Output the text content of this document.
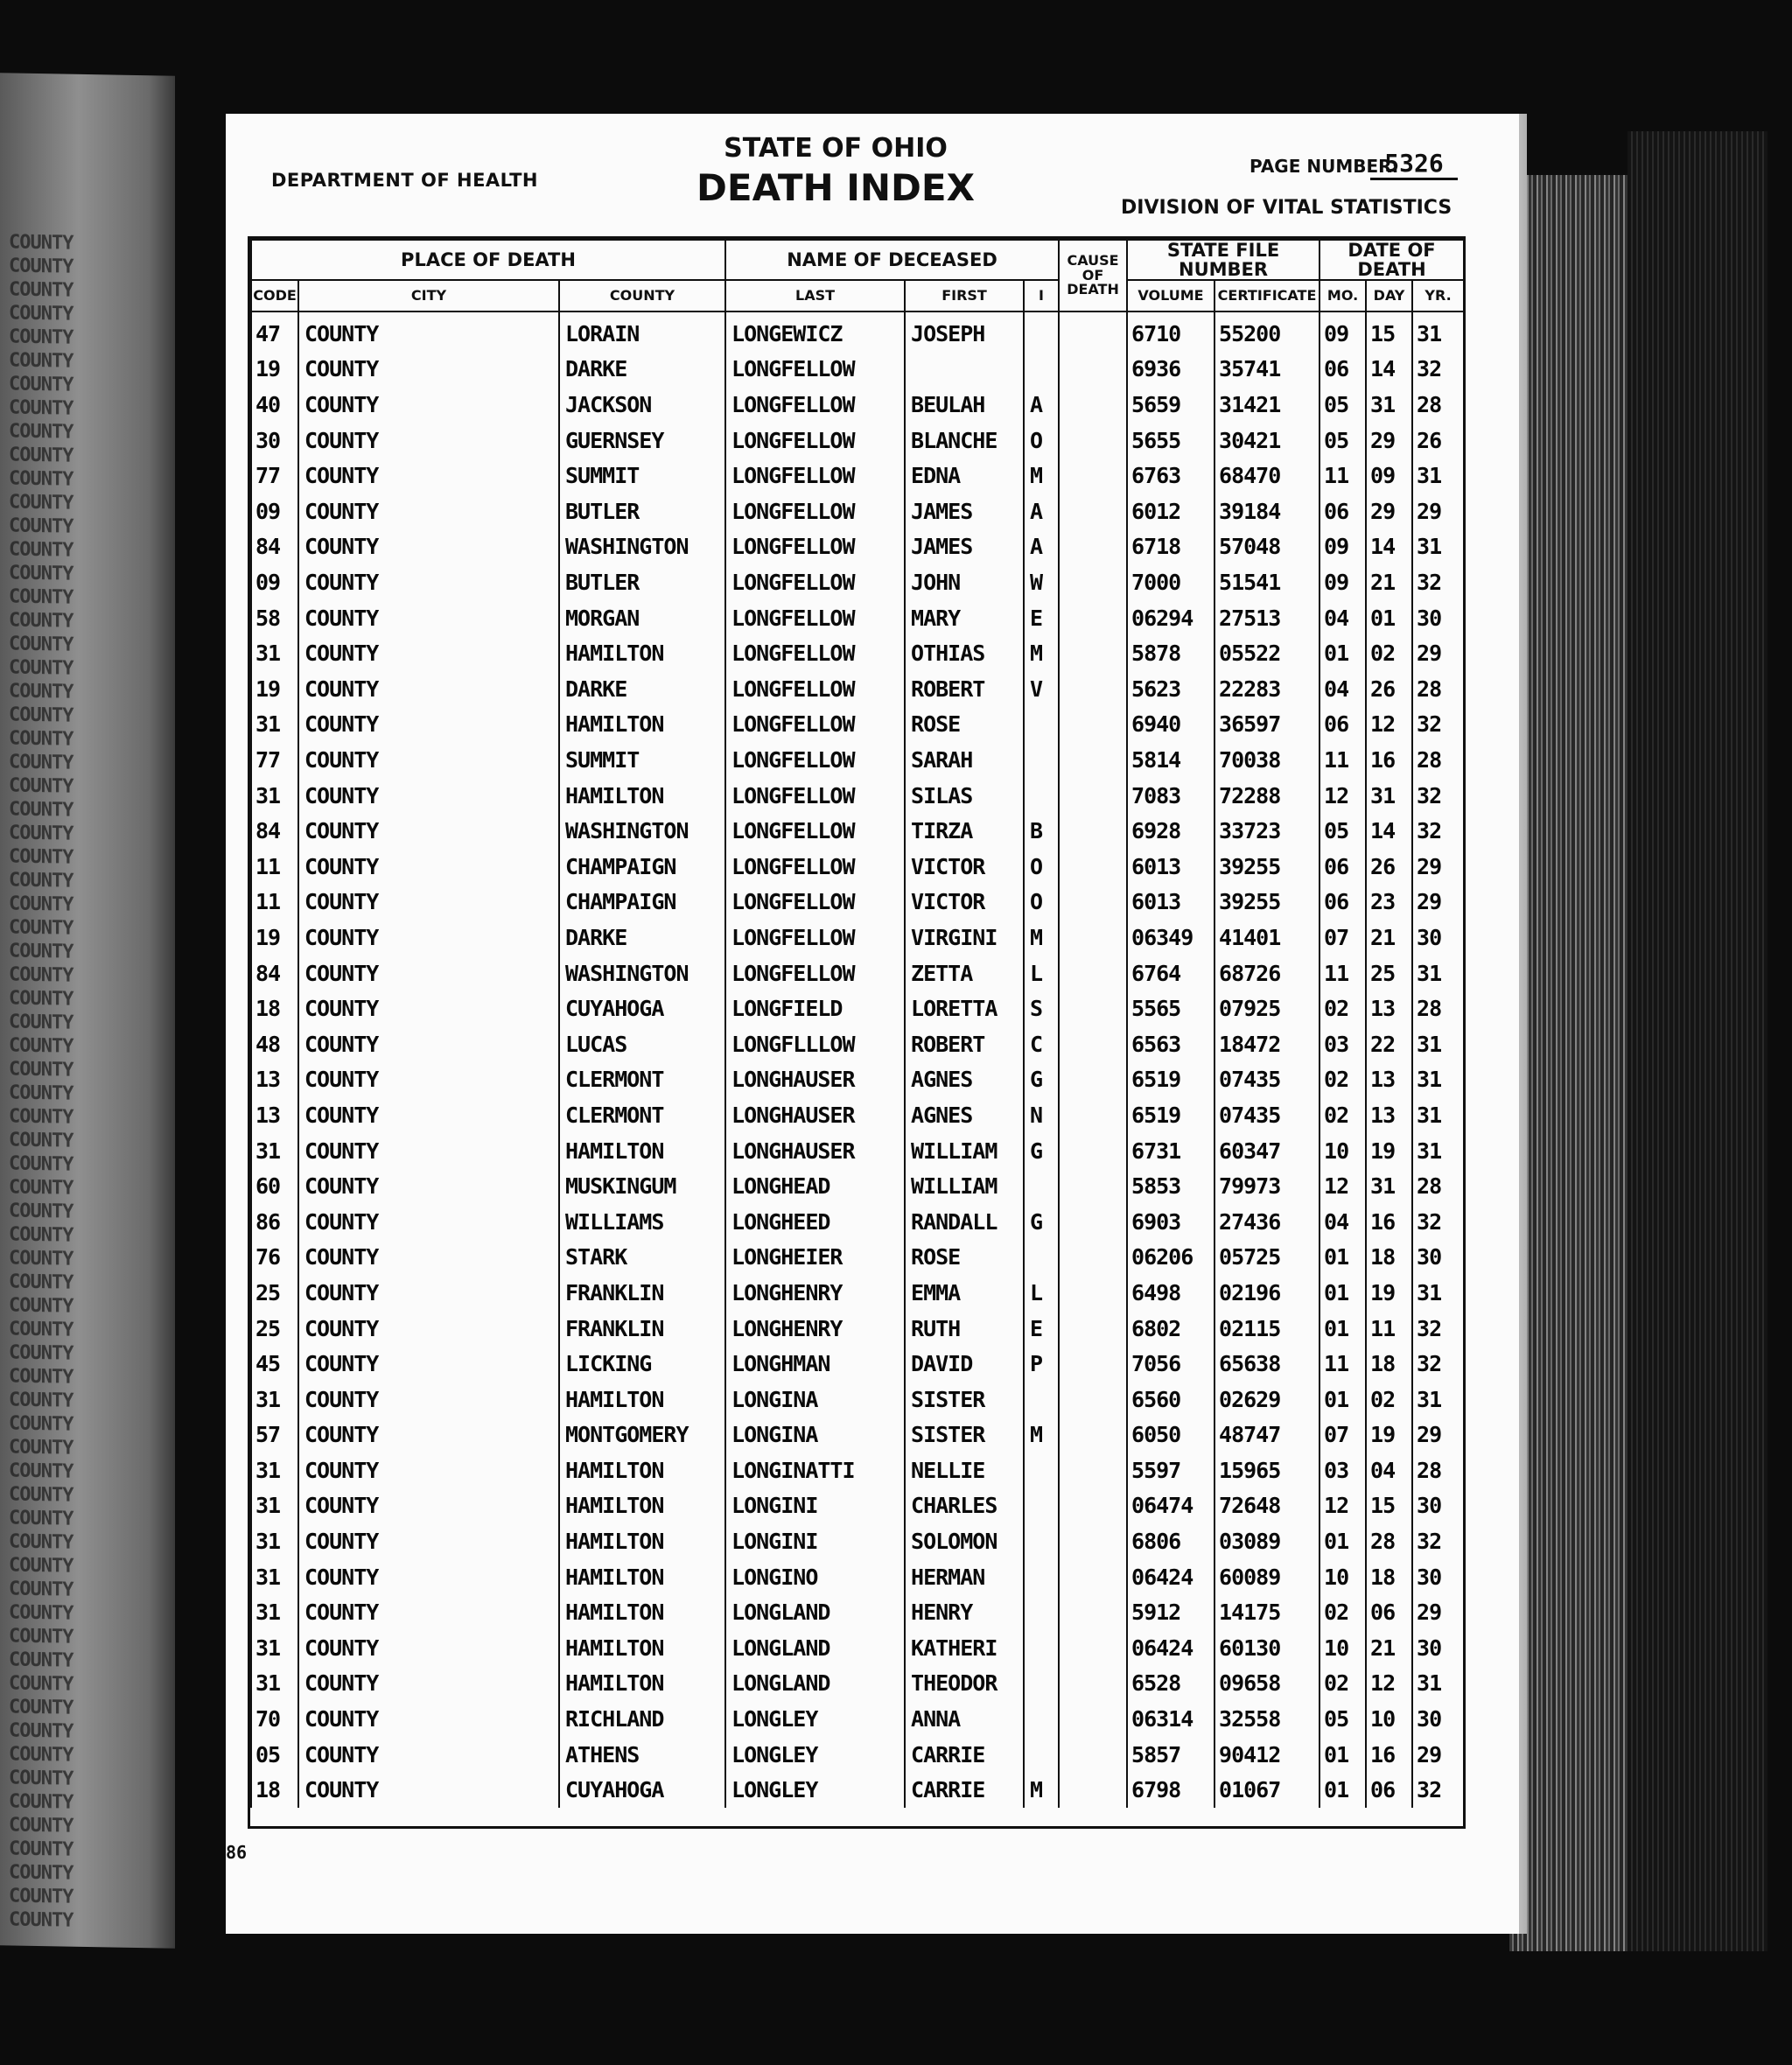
COUNTY
COUNTY
COUNTY
COUNTY
COUNTY
COUNTY
COUNTY
COUNTY
COUNTY
COUNTY
COUNTY
COUNTY
COUNTY
COUNTY
COUNTY
COUNTY
COUNTY
COUNTY
COUNTY
COUNTY
COUNTY
COUNTY
COUNTY
COUNTY
COUNTY
COUNTY
COUNTY
COUNTY
COUNTY
COUNTY
COUNTY
COUNTY
COUNTY
COUNTY
COUNTY
COUNTY
COUNTY
COUNTY
COUNTY
COUNTY
COUNTY
COUNTY
COUNTY
COUNTY
COUNTY
COUNTY
COUNTY
COUNTY
COUNTY
COUNTY
COUNTY
COUNTY
COUNTY
COUNTY
COUNTY
COUNTY
COUNTY
COUNTY
COUNTY
COUNTY
COUNTY
COUNTY
COUNTY
COUNTY
COUNTY
COUNTY
COUNTY
COUNTY
COUNTY
COUNTY
COUNTY
COUNTY
DEPARTMENT OF HEALTH
STATE OF OHIO
DEATH INDEX	PAGE NUMBER:
5326
DIVISION OF VITAL STATISTICS
PLACE OF DEATH			NAME OF DECEASED			CAUSE OF DEATH	STATE FILE NUMBER		DATE OF DEATH		
CODE	CITY	COUNTY	LAST	FIRST	I		VOLUME	CERTIFICATE	MO.	DAY	YR.
47	COUNTY	LORAIN	LONGEWICZ	JOSEPH			6710	55200	09	15	31
19	COUNTY	DARKE	LONGFELLOW				6936	35741	06	14	32
40	COUNTY	JACKSON	LONGFELLOW	BEULAH	A		5659	31421	05	31	28
30	COUNTY	GUERNSEY	LONGFELLOW	BLANCHE	O		5655	30421	05	29	26
77	COUNTY	SUMMIT	LONGFELLOW	EDNA	M		6763	68470	11	09	31
09	COUNTY	BUTLER	LONGFELLOW	JAMES	A		6012	39184	06	29	29
84	COUNTY	WASHINGTON	LONGFELLOW	JAMES	A		6718	57048	09	14	31
09	COUNTY	BUTLER	LONGFELLOW	JOHN	W		7000	51541	09	21	32
58	COUNTY	MORGAN	LONGFELLOW	MARY	E		06294	27513	04	01	30
31	COUNTY	HAMILTON	LONGFELLOW	OTHIAS	M		5878	05522	01	02	29
19	COUNTY	DARKE	LONGFELLOW	ROBERT	V		5623	22283	04	26	28
31	COUNTY	HAMILTON	LONGFELLOW	ROSE			6940	36597	06	12	32
77	COUNTY	SUMMIT	LONGFELLOW	SARAH			5814	70038	11	16	28
31	COUNTY	HAMILTON	LONGFELLOW	SILAS			7083	72288	12	31	32
84	COUNTY	WASHINGTON	LONGFELLOW	TIRZA	B		6928	33723	05	14	32
11	COUNTY	CHAMPAIGN	LONGFELLOW	VICTOR	O		6013	39255	06	26	29
11	COUNTY	CHAMPAIGN	LONGFELLOW	VICTOR	O		6013	39255	06	23	29
19	COUNTY	DARKE	LONGFELLOW	VIRGINI	M		06349	41401	07	21	30
84	COUNTY	WASHINGTON	LONGFELLOW	ZETTA	L		6764	68726	11	25	31
18	COUNTY	CUYAHOGA	LONGFIELD	LORETTA	S		5565	07925	02	13	28
48	COUNTY	LUCAS	LONGFLLLOW	ROBERT	C		6563	18472	03	22	31
13	COUNTY	CLERMONT	LONGHAUSER	AGNES	G		6519	07435	02	13	31
13	COUNTY	CLERMONT	LONGHAUSER	AGNES	N		6519	07435	02	13	31
31	COUNTY	HAMILTON	LONGHAUSER	WILLIAM	G		6731	60347	10	19	31
60	COUNTY	MUSKINGUM	LONGHEAD	WILLIAM			5853	79973	12	31	28
86	COUNTY	WILLIAMS	LONGHEED	RANDALL	G		6903	27436	04	16	32
76	COUNTY	STARK	LONGHEIER	ROSE			06206	05725	01	18	30
25	COUNTY	FRANKLIN	LONGHENRY	EMMA	L		6498	02196	01	19	31
25	COUNTY	FRANKLIN	LONGHENRY	RUTH	E		6802	02115	01	11	32
45	COUNTY	LICKING	LONGHMAN	DAVID	P		7056	65638	11	18	32
31	COUNTY	HAMILTON	LONGINA	SISTER			6560	02629	01	02	31
57	COUNTY	MONTGOMERY	LONGINA	SISTER	M		6050	48747	07	19	29
31	COUNTY	HAMILTON	LONGINATTI	NELLIE			5597	15965	03	04	28
31	COUNTY	HAMILTON	LONGINI	CHARLES			06474	72648	12	15	30
31	COUNTY	HAMILTON	LONGINI	SOLOMON			6806	03089	01	28	32
31	COUNTY	HAMILTON	LONGINO	HERMAN			06424	60089	10	18	30
31	COUNTY	HAMILTON	LONGLAND	HENRY			5912	14175	02	06	29
31	COUNTY	HAMILTON	LONGLAND	KATHERI			06424	60130	10	21	30
31	COUNTY	HAMILTON	LONGLAND	THEODOR			6528	09658	02	12	31
70	COUNTY	RICHLAND	LONGLEY	ANNA			06314	32558	05	10	30
05	COUNTY	ATHENS	LONGLEY	CARRIE			5857	90412	01	16	29
18	COUNTY	CUYAHOGA	LONGLEY	CARRIE	M		6798	01067	01	06	32
86
